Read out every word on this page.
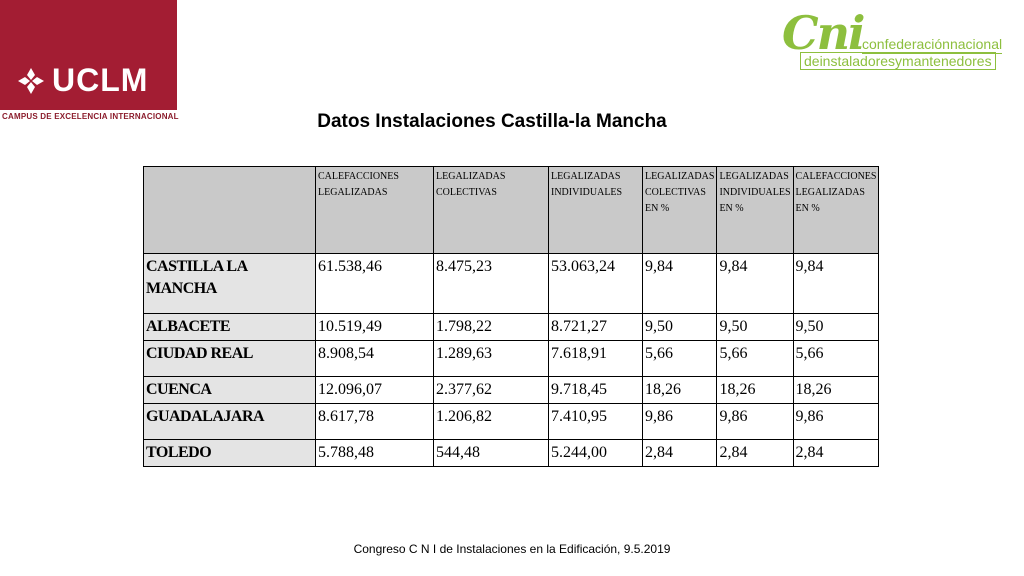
UCLM
CAMPUS DE EXCELENCIA INTERNACIONAL
Cni
confederaciónnacional
deinstaladoresymantenedores
Datos Instalaciones Castilla-la Mancha
	CALEFACCIONES LEGALIZADAS	LEGALIZADAS COLECTIVAS	LEGALIZADAS INDIVIDUALES	LEGALIZADAS COLECTIVAS EN %	LEGALIZADAS INDIVIDUALES EN %	CALEFACCIONES LEGALIZADAS EN %
CASTILLA LA MANCHA	61.538,46	8.475,23	53.063,24	9,84	9,84	9,84
ALBACETE	10.519,49	1.798,22	8.721,27	9,50	9,50	9,50
CIUDAD REAL	8.908,54	1.289,63	7.618,91	5,66	5,66	5,66
CUENCA	12.096,07	2.377,62	9.718,45	18,26	18,26	18,26
GUADALAJARA	8.617,78	1.206,82	7.410,95	9,86	9,86	9,86
TOLEDO	5.788,48	544,48	5.244,00	2,84	2,84	2,84
Congreso C N I de Instalaciones en la Edificación, 9.5.2019
